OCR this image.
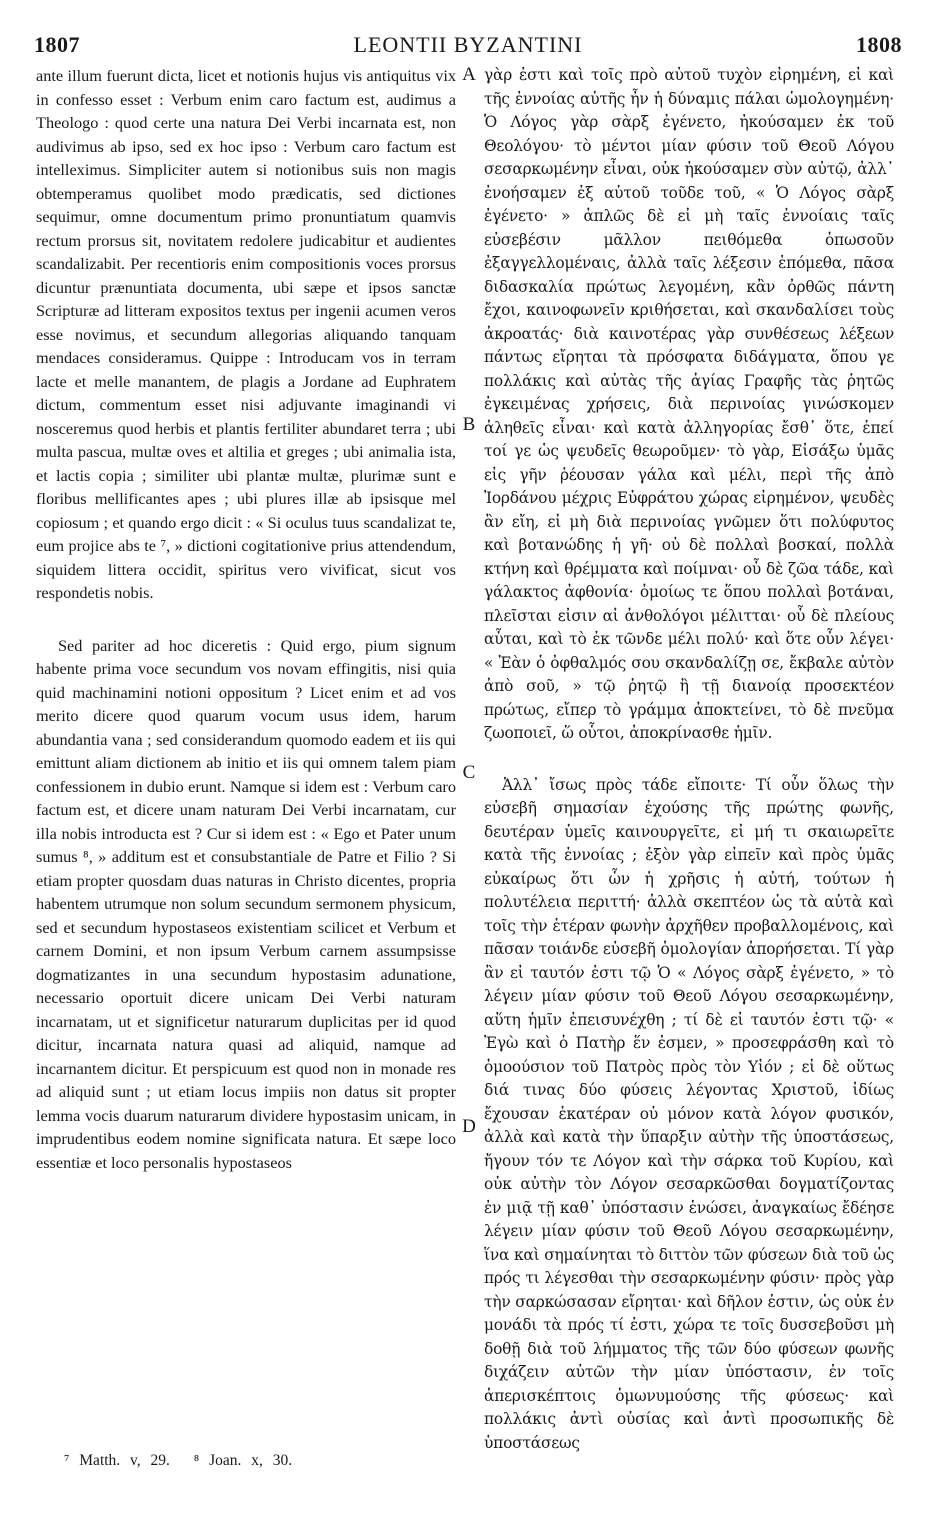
1807	LEONTII BYZANTINI	1808

ante illum fuerunt dicta, licet et notionis hujus vis antiquitus vix in confesso esset : Verbum enim caro factum est, audimus a Theologo : quod certe una natura Dei Verbi incarnata est, non audivimus ab ipso, sed ex hoc ipso : Verbum caro factum est intelleximus. Simpliciter autem si notionibus suis non magis obtemperamus quolibet modo prædicatis, sed dictiones sequimur, omne documentum primo pronuntiatum quamvis rectum prorsus sit, novitatem redolere judicabitur et audientes scandalizabit. Per recentioris enim compositionis voces prorsus dicuntur prænuntiata documenta, ubi sæpe et ipsos sanctæ Scripturæ ad litteram expositos textus per ingenii acumen veros esse novimus, et secundum allegorias aliquando tanquam mendaces consideramus. Quippe : Introducam vos in terram lacte et melle manantem, de plagis a Jordane ad Euphratem dictum, commentum esset nisi adjuvante imaginandi vi nosceremus quod herbis et plantis fertiliter abundaret terra ; ubi multa pascua, multæ oves et altilia et greges ; ubi animalia ista, et lactis copia ; similiter ubi plantæ multæ, plurimæ sunt e floribus mellificantes apes ; ubi plures illæ ab ipsisque mel copiosum ; et quando ergo dicit : « Si oculus tuus scandalizat te, eum projice abs te ⁷, » dictioni cogitationive prius attendendum, siquidem littera occidit, spiritus vero vivificat, sicut vos respondetis nobis.

Sed pariter ad hoc diceretis : Quid ergo, pium signum habente prima voce secundum vos novam effingitis, nisi quia quid machinamini notioni oppositum ? Licet enim et ad vos merito dicere quod quarum vocum usus idem, harum abundantia vana ; sed considerandum quomodo eadem et iis qui emittunt aliam dictionem ab initio et iis qui omnem talem piam confessionem in dubio erunt. Namque si idem est : Verbum caro factum est, et dicere unam naturam Dei Verbi incarnatam, cur illa nobis introducta est ? Cur si idem est : « Ego et Pater unum sumus ⁸, » additum est et consubstantiale de Patre et Filio ? Si etiam propter quosdam duas naturas in Christo dicentes, propria habentem utrumque non solum secundum sermonem physicum, sed et secundum hypostaseos existentiam scilicet et Verbum et carnem Domini, et non ipsum Verbum carnem assumpsisse dogmatizantes in una secundum hypostasim adunatione, necessario oportuit dicere unicam Dei Verbi naturam incarnatam, ut et significetur naturarum duplicitas per id quod dicitur, incarnata natura quasi ad aliquid, namque ad incarnantem dicitur. Et perspicuum est quod non in monade res ad aliquid sunt ; ut etiam locus impiis non datus sit propter lemma vocis duarum naturarum dividere hypostasim unicam, in imprudentibus eodem nomine significata natura. Et sæpe loco essentiæ et loco personalis hypostaseos

A
B
C
D

γὰρ ἐστι καὶ τοῖς πρὸ αὐτοῦ τυχὸν εἰρημένη, εἰ καὶ τῆς ἐννοίας αὐτῆς ἦν ἡ δύναμις πάλαι ὡμολογημένη· Ὁ Λόγος γὰρ σὰρξ ἐγένετο, ἠκούσαμεν ἐκ τοῦ Θεολόγου· τὸ μέντοι μίαν φύσιν τοῦ Θεοῦ Λόγου σεσαρκωμένην εἶναι, οὐκ ἠκούσαμεν σὺν αὐτῷ, ἀλλ᾽ ἐνοήσαμεν ἐξ αὐτοῦ τοῦδε τοῦ, « Ὁ Λόγος σὰρξ ἐγένετο· » ἁπλῶς δὲ εἰ μὴ ταῖς ἐννοίαις ταῖς εὐσεβέσιν μᾶλλον πειθόμεθα ὁπωσοῦν ἐξαγγελλομέναις, ἀλλὰ ταῖς λέξεσιν ἑπόμεθα, πᾶσα διδασκαλία πρώτως λεγομένη, κἂν ὀρθῶς πάντη ἔχοι, καινοφωνεῖν κριθήσεται, καὶ σκανδαλίσει τοὺς ἀκροατάς· διὰ καινοτέρας γὰρ συνθέσεως λέξεων πάντως εἴρηται τὰ πρόσφατα διδάγματα, ὅπου γε πολλάκις καὶ αὐτὰς τῆς ἁγίας Γραφῆς τὰς ῥητῶς ἐγκειμένας χρήσεις, διὰ περινοίας γινώσκομεν ἀληθεῖς εἶναι· καὶ κατὰ ἀλληγορίας ἔσθ᾽ ὅτε, ἐπεί τοί γε ὡς ψευδεῖς θεωροῦμεν· τὸ γὰρ, Εἰσάξω ὑμᾶς εἰς γῆν ῥέουσαν γάλα καὶ μέλι, περὶ τῆς ἀπὸ Ἰορδάνου μέχρις Εὐφράτου χώρας εἰρημένον, ψευδὲς ἂν εἴη, εἰ μὴ διὰ περινοίας γνῶμεν ὅτι πολύφυτος καὶ βοτανώδης ἡ γῆ· οὐ δὲ πολλαὶ βοσκαί, πολλὰ κτήνη καὶ θρέμματα καὶ ποίμναι· οὗ δὲ ζῶα τάδε, καὶ γάλακτος ἀφθονία· ὁμοίως τε ὅπου πολλαὶ βοτάναι, πλεῖσται εἰσιν αἱ ἀνθολόγοι μέλιτται· οὗ δὲ πλείους αὗται, καὶ τὸ ἐκ τῶνδε μέλι πολύ· καὶ ὅτε οὖν λέγει· « Ἐὰν ὁ ὀφθαλμός σου σκανδαλίζῃ σε, ἔκβαλε αὐτὸν ἀπὸ σοῦ, » τῷ ῥητῷ ἢ τῇ διανοίᾳ προσεκτέον πρώτως, εἴπερ τὸ γράμμα ἀποκτείνει, τὸ δὲ πνεῦμα ζωοποιεῖ, ὥ οὗτοι, ἀποκρίνασθε ἡμῖν.

Ἀλλ᾽ ἴσως πρὸς τάδε εἴποιτε· Τί οὖν ὅλως τὴν εὐσεβῆ σημασίαν ἐχούσης τῆς πρώτης φωνῆς, δευτέραν ὑμεῖς καινουργεῖτε, εἰ μή τι σκαιωρεῖτε κατὰ τῆς ἐννοίας ; ἐξὸν γὰρ εἰπεῖν καὶ πρὸς ὑμᾶς εὐκαίρως ὅτι ὧν ἡ χρῆσις ἡ αὐτή, τούτων ἡ πολυτέλεια περιττή· ἀλλὰ σκεπτέον ὡς τὰ αὐτὰ καὶ τοῖς τὴν ἑτέραν φωνὴν ἀρχῆθεν προβαλλομένοις, καὶ πᾶσαν τοιάνδε εὐσεβῆ ὁμολογίαν ἀπορήσεται. Τί γὰρ ἂν εἰ ταυτόν ἐστι τῷ Ὁ « Λόγος σὰρξ ἐγένετο, » τὸ λέγειν μίαν φύσιν τοῦ Θεοῦ Λόγου σεσαρκωμένην, αὕτη ἡμῖν ἐπεισυνέχθη ; τί δὲ εἰ ταυτόν ἐστι τῷ· « Ἐγὼ καὶ ὁ Πατὴρ ἕν ἐσμεν, » προσεφράσθη καὶ τὸ ὁμοούσιον τοῦ Πατρὸς πρὸς τὸν Υἱόν ; εἰ δὲ οὕτως διά τινας δύο φύσεις λέγοντας Χριστοῦ, ἰδίως ἔχουσαν ἑκατέραν οὐ μόνον κατὰ λόγον φυσικόν, ἀλλὰ καὶ κατὰ τὴν ὕπαρξιν αὐτὴν τῆς ὑποστάσεως, ἤγουν τόν τε Λόγον καὶ τὴν σάρκα τοῦ Κυρίου, καὶ οὐκ αὐτὴν τὸν Λόγον σεσαρκῶσθαι δογματίζοντας ἐν μιᾷ τῇ καθ᾽ ὑπόστασιν ἑνώσει, ἀναγκαίως ἔδέησε λέγειν μίαν φύσιν τοῦ Θεοῦ Λόγου σεσαρκωμένην, ἵνα καὶ σημαίνηται τὸ διττὸν τῶν φύσεων διὰ τοῦ ὡς πρός τι λέγεσθαι τὴν σεσαρκωμένην φύσιν· πρὸς γὰρ τὴν σαρκώσασαν εἴρηται· καὶ δῆλον ἐστιν, ὡς οὐκ ἐν μονάδι τὰ πρός τί ἐστι, χώρα τε τοῖς δυσσεβοῦσι μὴ δοθῇ διὰ τοῦ λήμματος τῆς τῶν δύο φύσεων φωνῆς διχάζειν αὐτῶν τὴν μίαν ὑπόστασιν, ἐν τοῖς ἀπερισκέπτοις ὁμωνυμούσης τῆς φύσεως· καὶ πολλάκις ἀντὶ οὐσίας καὶ ἀντὶ προσωπικῆς δὲ ὑποστάσεως

⁷ Matth. v, 29. ⁸ Joan. x, 30.
